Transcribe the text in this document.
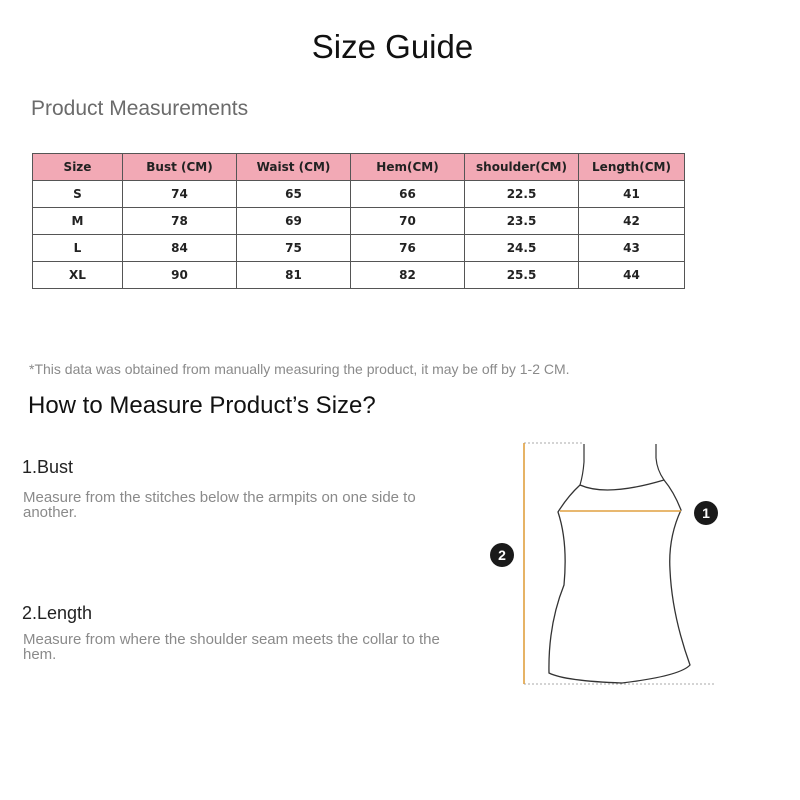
Size Guide
Product Measurements
Size	Bust (CM)	Waist (CM)	Hem(CM)	shoulder(CM)	Length(CM)
S	74	65	66	22.5	41
M	78	69	70	23.5	42
L	84	75	76	24.5	43
XL	90	81	82	25.5	44
*This data was obtained from manually measuring the product, it may be off by 1-2 CM.
How to Measure Product’s Size?
1.Bust
Measure from the stitches below the armpits on one side to another.
2.Length
Measure from where the shoulder seam meets the collar to the hem.
1
2
